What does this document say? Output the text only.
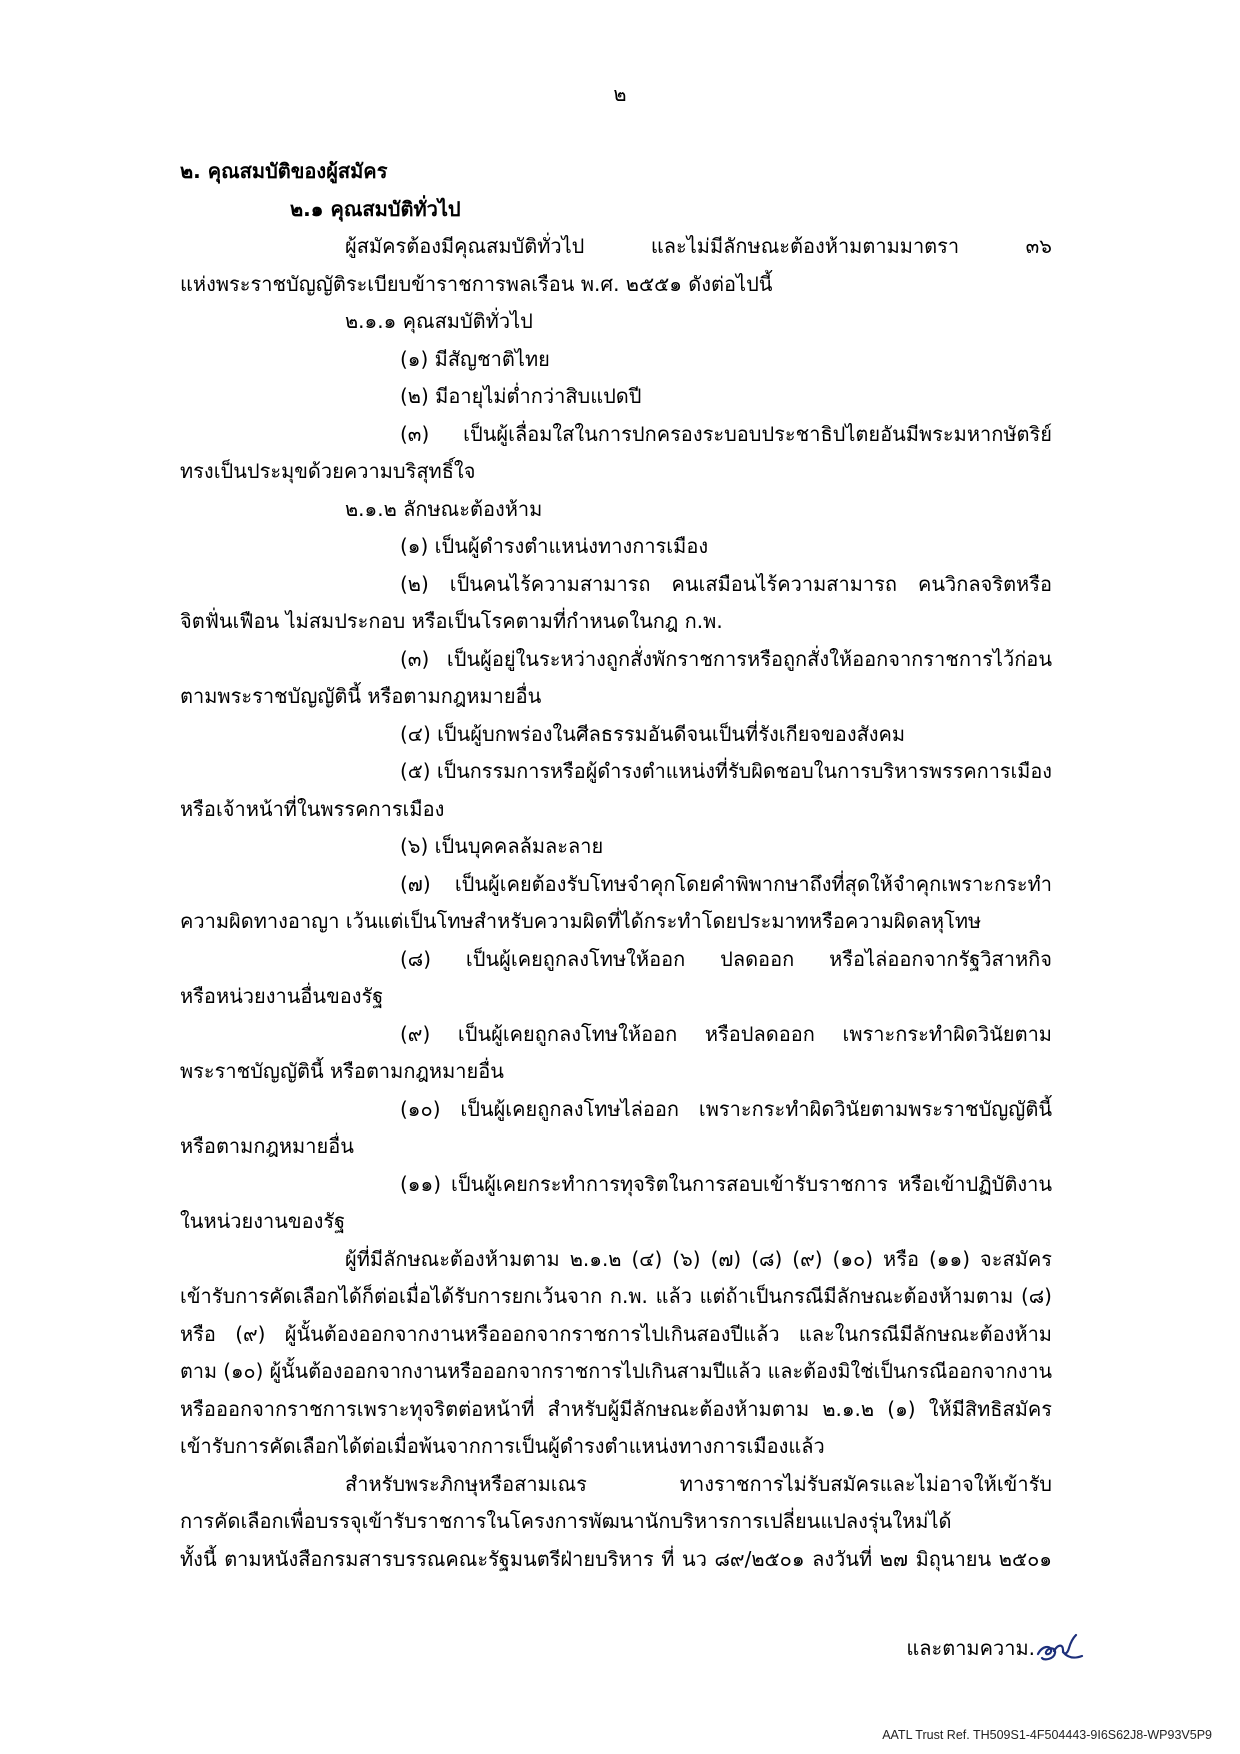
๒
๒. คุณสมบัติของผู้สมัคร
๒.๑ คุณสมบัติทั่วไป
ผู้สมัครต้องมีคุณสมบัติทั่วไป และไม่มีลักษณะต้องห้ามตามมาตรา ๓๖
แห่งพระราชบัญญัติระเบียบข้าราชการพลเรือน พ.ศ. ๒๕๕๑ ดังต่อไปนี้
๒.๑.๑ คุณสมบัติทั่วไป
(๑) มีสัญชาติไทย
(๒) มีอายุไม่ต่ำกว่าสิบแปดปี
(๓) เป็นผู้เลื่อมใสในการปกครองระบอบประชาธิปไตยอันมีพระมหากษัตริย์
ทรงเป็นประมุขด้วยความบริสุทธิ์ใจ
๒.๑.๒ ลักษณะต้องห้าม
(๑) เป็นผู้ดำรงตำแหน่งทางการเมือง
(๒) เป็นคนไร้ความสามารถ คนเสมือนไร้ความสามารถ คนวิกลจริตหรือ
จิตฟั่นเฟือน ไม่สมประกอบ หรือเป็นโรคตามที่กำหนดในกฎ ก.พ.
(๓) เป็นผู้อยู่ในระหว่างถูกสั่งพักราชการหรือถูกสั่งให้ออกจากราชการไว้ก่อน
ตามพระราชบัญญัตินี้ หรือตามกฎหมายอื่น
(๔) เป็นผู้บกพร่องในศีลธรรมอันดีจนเป็นที่รังเกียจของสังคม
(๕) เป็นกรรมการหรือผู้ดำรงตำแหน่งที่รับผิดชอบในการบริหารพรรคการเมือง
หรือเจ้าหน้าที่ในพรรคการเมือง
(๖) เป็นบุคคลล้มละลาย
(๗) เป็นผู้เคยต้องรับโทษจำคุกโดยคำพิพากษาถึงที่สุดให้จำคุกเพราะกระทำ
ความผิดทางอาญา เว้นแต่เป็นโทษสำหรับความผิดที่ได้กระทำโดยประมาทหรือความผิดลหุโทษ
(๘) เป็นผู้เคยถูกลงโทษให้ออก ปลดออก หรือไล่ออกจากรัฐวิสาหกิจ
หรือหน่วยงานอื่นของรัฐ
(๙) เป็นผู้เคยถูกลงโทษให้ออก หรือปลดออก เพราะกระทำผิดวินัยตาม
พระราชบัญญัตินี้ หรือตามกฎหมายอื่น
(๑๐) เป็นผู้เคยถูกลงโทษไล่ออก เพราะกระทำผิดวินัยตามพระราชบัญญัตินี้
หรือตามกฎหมายอื่น
(๑๑) เป็นผู้เคยกระทำการทุจริตในการสอบเข้ารับราชการ หรือเข้าปฏิบัติงาน
ในหน่วยงานของรัฐ
ผู้ที่มีลักษณะต้องห้ามตาม ๒.๑.๒ (๔) (๖) (๗) (๘) (๙) (๑๐) หรือ (๑๑) จะสมัคร
เข้ารับการคัดเลือกได้ก็ต่อเมื่อได้รับการยกเว้นจาก ก.พ. แล้ว แต่ถ้าเป็นกรณีมีลักษณะต้องห้ามตาม (๘)
หรือ (๙) ผู้นั้นต้องออกจากงานหรือออกจากราชการไปเกินสองปีแล้ว และในกรณีมีลักษณะต้องห้าม
ตาม (๑๐) ผู้นั้นต้องออกจากงานหรือออกจากราชการไปเกินสามปีแล้ว และต้องมิใช่เป็นกรณีออกจากงาน
หรือออกจากราชการเพราะทุจริตต่อหน้าที่ สำหรับผู้มีลักษณะต้องห้ามตาม ๒.๑.๒ (๑) ให้มีสิทธิสมัคร
เข้ารับการคัดเลือกได้ต่อเมื่อพ้นจากการเป็นผู้ดำรงตำแหน่งทางการเมืองแล้ว
สำหรับพระภิกษุหรือสามเณร ทางราชการไม่รับสมัครและไม่อาจให้เข้ารับ
การคัดเลือกเพื่อบรรจุเข้ารับราชการในโครงการพัฒนานักบริหารการเปลี่ยนแปลงรุ่นใหม่ได้
ทั้งนี้ ตามหนังสือกรมสารบรรณคณะรัฐมนตรีฝ่ายบริหาร ที่ นว ๘๙/๒๕๐๑ ลงวันที่ ๒๗ มิถุนายน ๒๕๐๑
และตามความ.
AATL Trust Ref. TH509S1-4F504443-9I6S62J8-WP93V5P9
